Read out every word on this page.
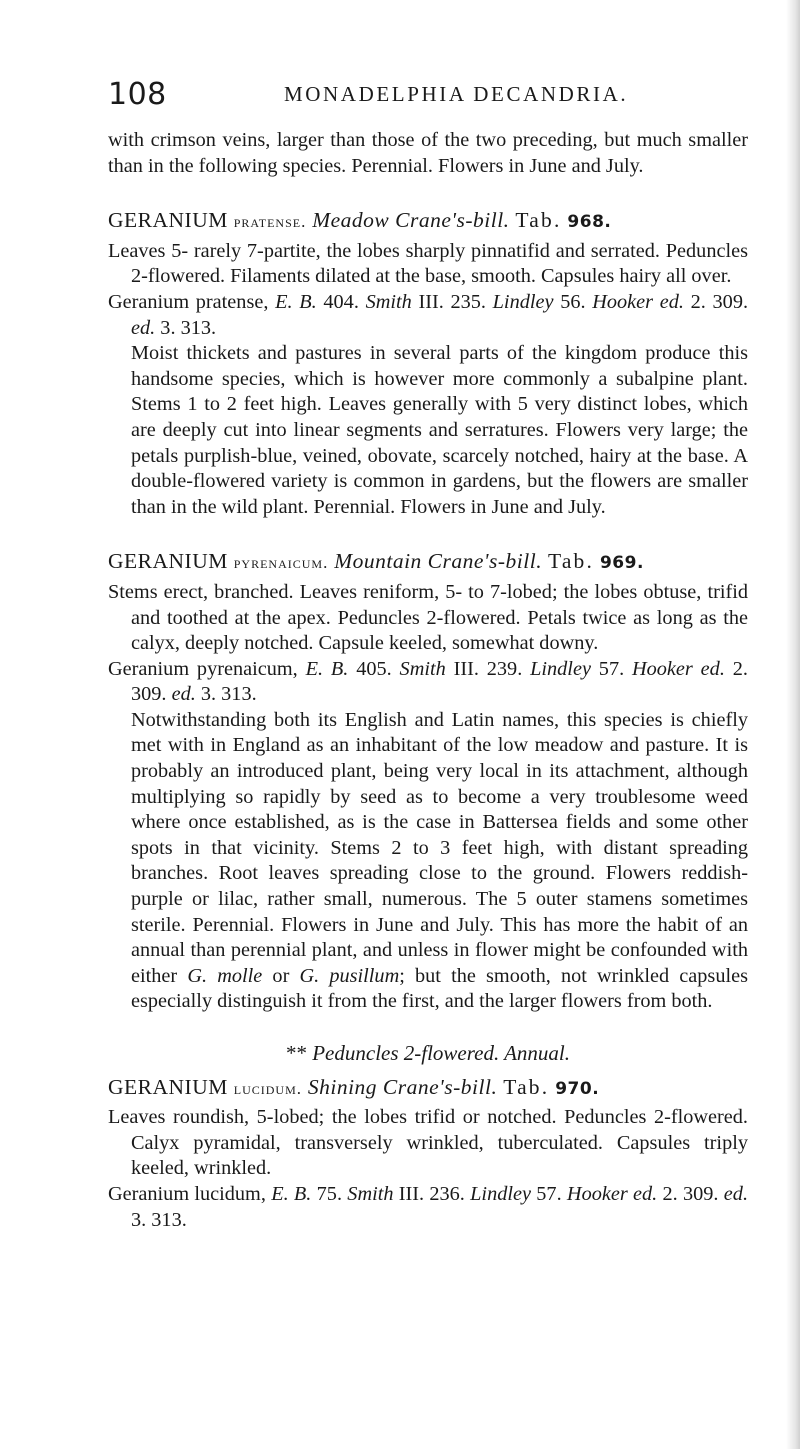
108	MONADELPHIA DECANDRIA.

with crimson veins, larger than those of the two preceding, but much smaller than in the following species. Perennial. Flowers in June and July.

GERANIUM pratense. Meadow Crane's-bill. Tab. 968.

Leaves 5- rarely 7-partite, the lobes sharply pinnatifid and serrated. Peduncles 2-flowered. Filaments dilated at the base, smooth. Capsules hairy all over.

Geranium pratense, E. B. 404. Smith III. 235. Lindley 56. Hooker ed. 2. 309. ed. 3. 313.

Moist thickets and pastures in several parts of the kingdom produce this handsome species, which is however more commonly a subalpine plant. Stems 1 to 2 feet high. Leaves generally with 5 very distinct lobes, which are deeply cut into linear segments and serratures. Flowers very large; the petals purplish-blue, veined, obovate, scarcely notched, hairy at the base. A double-flowered variety is common in gardens, but the flowers are smaller than in the wild plant. Perennial. Flowers in June and July.

GERANIUM pyrenaicum. Mountain Crane's-bill. Tab. 969.

Stems erect, branched. Leaves reniform, 5- to 7-lobed; the lobes obtuse, trifid and toothed at the apex. Peduncles 2-flowered. Petals twice as long as the calyx, deeply notched. Capsule keeled, somewhat downy.

Geranium pyrenaicum, E. B. 405. Smith III. 239. Lindley 57. Hooker ed. 2. 309. ed. 3. 313.

Notwithstanding both its English and Latin names, this species is chiefly met with in England as an inhabitant of the low meadow and pasture. It is probably an introduced plant, being very local in its attachment, although multiplying so rapidly by seed as to become a very troublesome weed where once established, as is the case in Battersea fields and some other spots in that vicinity. Stems 2 to 3 feet high, with distant spreading branches. Root leaves spreading close to the ground. Flowers reddish-purple or lilac, rather small, numerous. The 5 outer stamens sometimes sterile. Perennial. Flowers in June and July. This has more the habit of an annual than perennial plant, and unless in flower might be confounded with either G. molle or G. pusillum; but the smooth, not wrinkled capsules especially distinguish it from the first, and the larger flowers from both.

** Peduncles 2-flowered. Annual.

GERANIUM lucidum. Shining Crane's-bill. Tab. 970.

Leaves roundish, 5-lobed; the lobes trifid or notched. Peduncles 2-flowered. Calyx pyramidal, transversely wrinkled, tuberculated. Capsules triply keeled, wrinkled.

Geranium lucidum, E. B. 75. Smith III. 236. Lindley 57. Hooker ed. 2. 309. ed. 3. 313.
